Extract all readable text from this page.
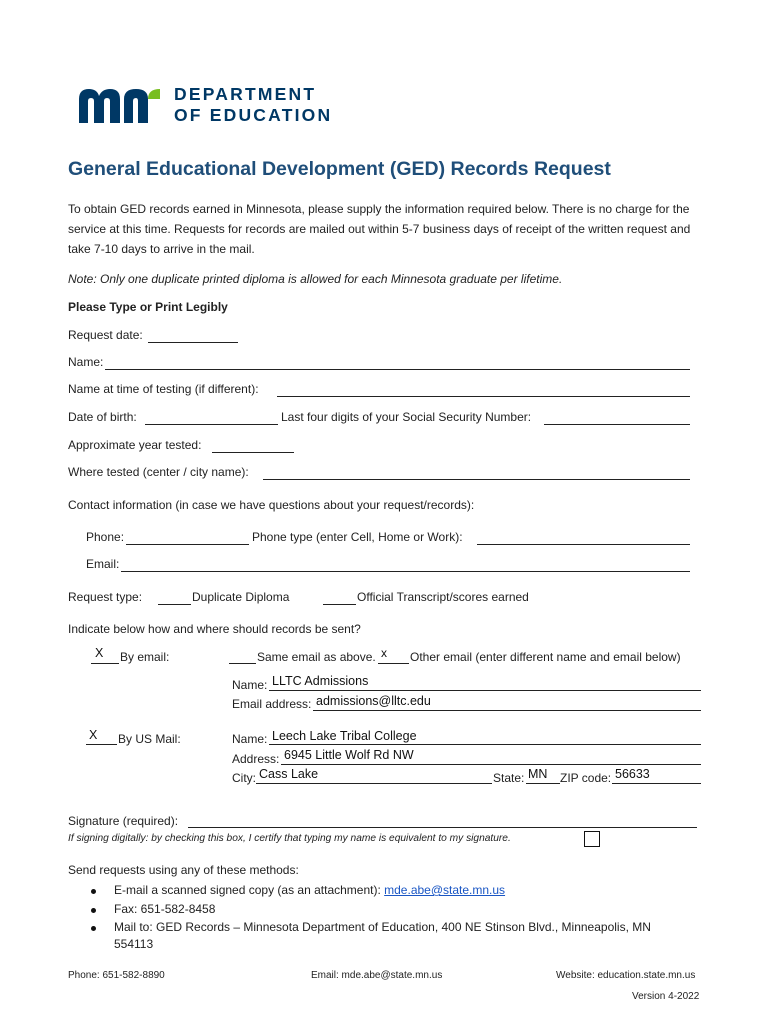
DEPARTMENT
OF EDUCATION
General Educational Development (GED) Records Request
To obtain GED records earned in Minnesota, please supply the information required below. There is no charge for the service at this time. Requests for records are mailed out within 5-7 business days of receipt of the written request and take 7-10 days to arrive in the mail.
Note: Only one duplicate printed diploma is allowed for each Minnesota graduate per lifetime.
Please Type or Print Legibly
Request date:
Name:
Name at time of testing (if different):
Date of birth:	Last four digits of your Social Security Number:
Approximate year tested:
Where tested (center / city name):
Contact information (in case we have questions about your request/records):
Phone:	Phone type (enter Cell, Home or Work):
Email:
Request type:	Duplicate Diploma	Official Transcript/scores earned
Indicate below how and where should records be sent?
X By email:	Same email as above. x Other email (enter different name and email below)
Name: LLTC Admissions
Email address: admissions@lltc.edu
X By US Mail:	Name: Leech Lake Tribal College
Address: 6945 Little Wolf Rd NW
City: Cass Lake	State: MN ZIP code: 56633
Signature (required):
If signing digitally: by checking this box, I certify that typing my name is equivalent to my signature.
Send requests using any of these methods:
E-mail a scanned signed copy (as an attachment): mde.abe@state.mn.us
Fax: 651-582-8458
Mail to: GED Records – Minnesota Department of Education, 400 NE Stinson Blvd., Minneapolis, MN
554113
Phone: 651-582-8890	Email: mde.abe@state.mn.us	Website: education.state.mn.us
Version 4-2022
